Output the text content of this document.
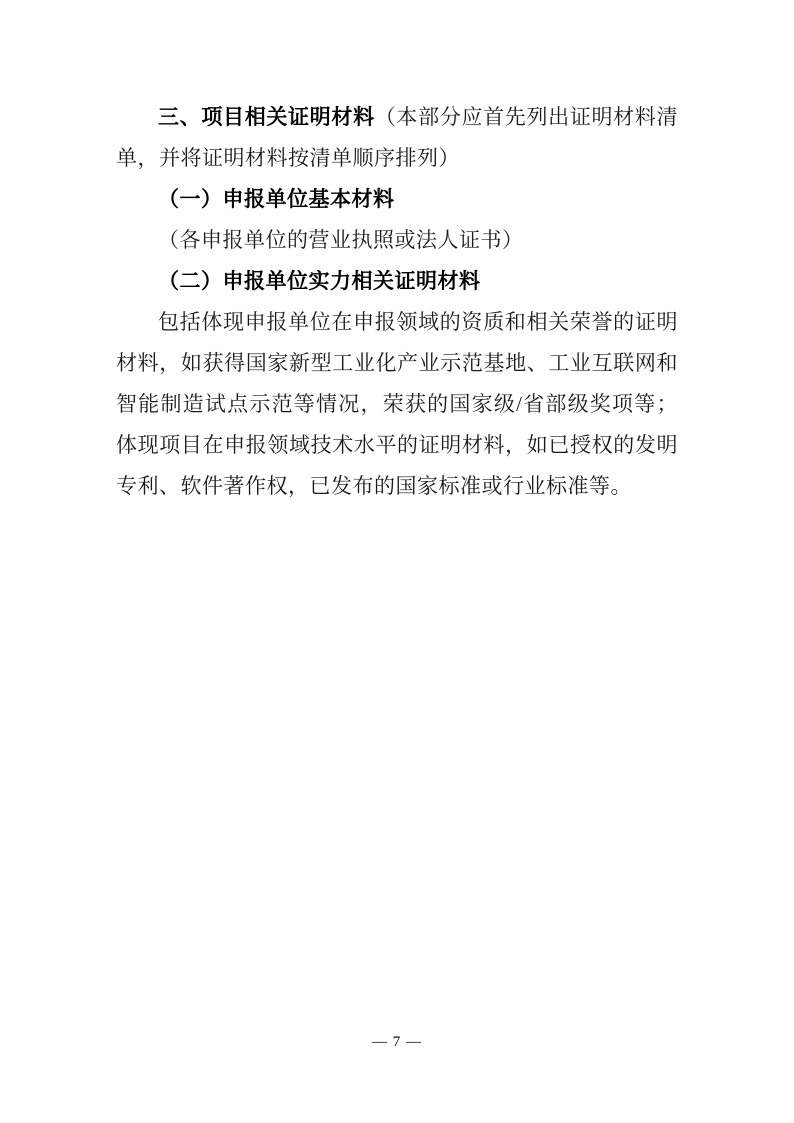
三、项目相关证明材料（本部分应首先列出证明材料清单，并将证明材料按清单顺序排列）

（一）申报单位基本材料

（各申报单位的营业执照或法人证书）

（二）申报单位实力相关证明材料

包括体现申报单位在申报领域的资质和相关荣誉的证明材料，如获得国家新型工业化产业示范基地、工业互联网和智能制造试点示范等情况，荣获的国家级/省部级奖项等；体现项目在申报领域技术水平的证明材料，如已授权的发明专利、软件著作权，已发布的国家标准或行业标准等。

— 7 —
